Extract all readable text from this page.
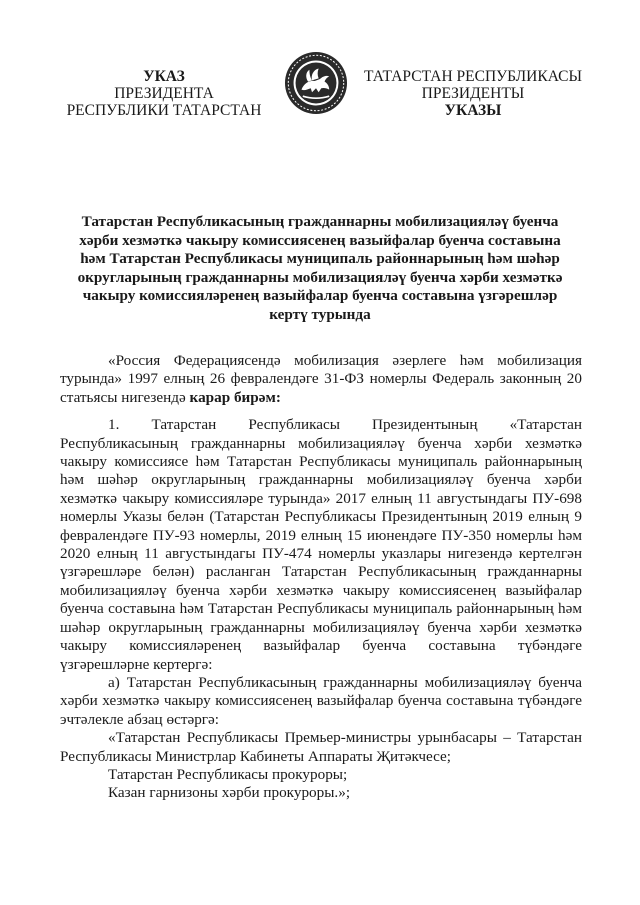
УКАЗ
ПРЕЗИДЕНТА
РЕСПУБЛИКИ ТАТАРСТАН
ТАТАРСТАН РЕСПУБЛИКАСЫ
ПРЕЗИДЕНТЫ
УКАЗЫ
Татарстан Республикасының гражданнарны мобилизацияләү буенча хәрби хезмәткә чакыру комиссиясенең вазыйфалар буенча составына һәм Татарстан Республикасы муниципаль районнарының һәм шәһәр округларының гражданнарны мобилизацияләү буенча хәрби хезмәткә чакыру комиссияләренең вазыйфалар буенча составына үзгәрешләр кертү турында

«Россия Федерациясендә мобилизация әзерлеге һәм мобилизация турында» 1997 елның 26 февралендәге 31-ФЗ номерлы Федераль законның 20 статьясы нигезендә карар бирәм:

1. Татарстан Республикасы Президентының «Татарстан Республикасының гражданнарны мобилизацияләү буенча хәрби хезмәткә чакыру комиссиясе һәм Татарстан Республикасы муниципаль районнарының һәм шәһәр округларының гражданнарны мобилизацияләү буенча хәрби хезмәткә чакыру комиссияләре турында» 2017 елның 11 августындагы ПУ-698 номерлы Указы белән (Татарстан Республикасы Президентының 2019 елның 9 февралендәге ПУ-93 номерлы, 2019 елның 15 июнендәге ПУ-350 номерлы һәм 2020 елның 11 августындагы ПУ-474 номерлы указлары нигезендә кертелгән үзгәрешләре белән) расланган Татарстан Республикасының гражданнарны мобилизацияләү буенча хәрби хезмәткә чакыру комиссиясенең вазыйфалар буенча составына һәм Татарстан Республикасы муниципаль районнарының һәм шәһәр округларының гражданнарны мобилизацияләү буенча хәрби хезмәткә чакыру комиссияләренең вазыйфалар буенча составына түбәндәге үзгәрешләрне кертергә:

а) Татарстан Республикасының гражданнарны мобилизацияләү буенча хәрби хезмәткә чакыру комиссиясенең вазыйфалар буенча составына түбәндәге эчтәлекле абзац өстәргә:

«Татарстан Республикасы Премьер-министры урынбасары – Татарстан Республикасы Министрлар Кабинеты Аппараты Җитәкчесе;

Татарстан Республикасы прокуроры;

Казан гарнизоны хәрби прокуроры.»;
